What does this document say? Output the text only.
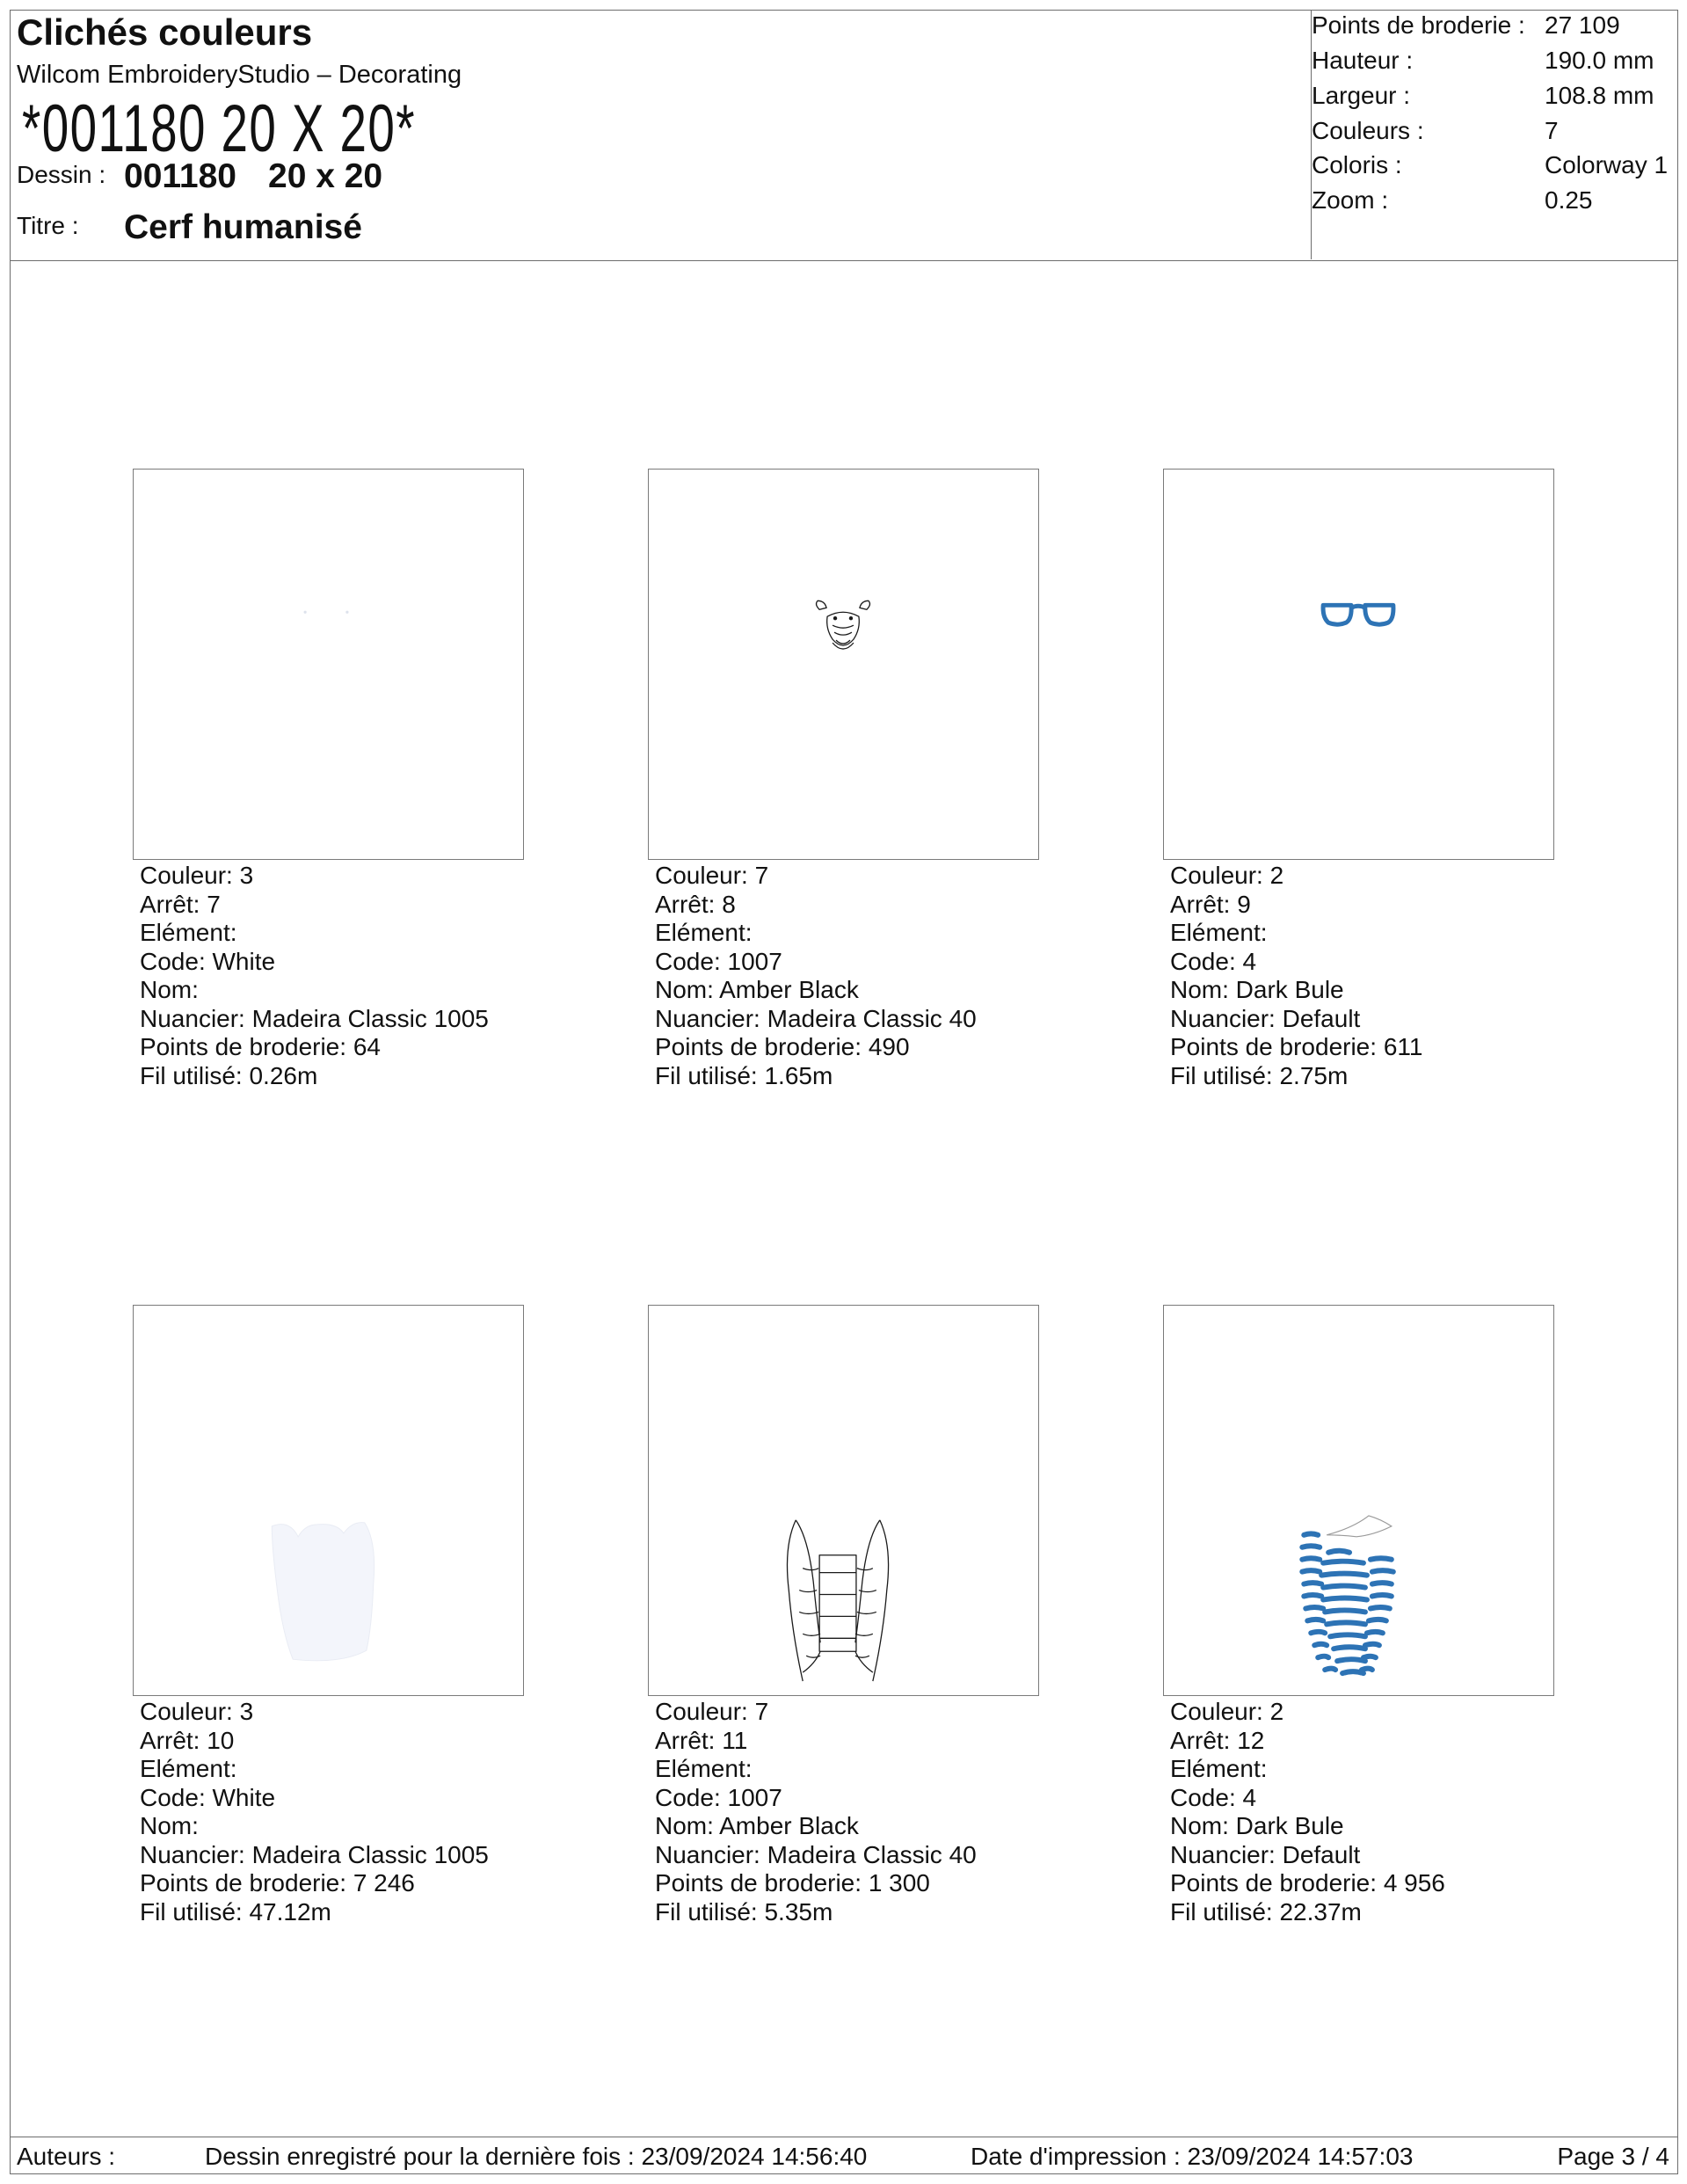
Clichés couleurs
Wilcom EmbroideryStudio – Decorating
*001180 20 X 20*
Dessin : 001180 20 x 20
Titre : Cerf humanisé
Points de broderie : 27 109
Hauteur :	190.0 mm
Largeur :	108.8 mm
Couleurs :	7
Coloris :	Colorway 1
Zoom :	0.25
Couleur: 3
Arrêt: 7
Elément:
Code: White
Nom:
Nuancier: Madeira Classic 1005
Points de broderie: 64
Fil utilisé: 0.26m
Couleur: 7
Arrêt: 8
Elément:
Code: 1007
Nom: Amber Black
Nuancier: Madeira Classic 40
Points de broderie: 490
Fil utilisé: 1.65m
Couleur: 2
Arrêt: 9
Elément:
Code: 4
Nom: Dark Bule
Nuancier: Default
Points de broderie: 611
Fil utilisé: 2.75m
Couleur: 3
Arrêt: 10
Elément:
Code: White
Nom:
Nuancier: Madeira Classic 1005
Points de broderie: 7 246
Fil utilisé: 47.12m
Couleur: 7
Arrêt: 11
Elément:
Code: 1007
Nom: Amber Black
Nuancier: Madeira Classic 40
Points de broderie: 1 300
Fil utilisé: 5.35m
Couleur: 2
Arrêt: 12
Elément:
Code: 4
Nom: Dark Bule
Nuancier: Default
Points de broderie: 4 956
Fil utilisé: 22.37m
Auteurs :	Dessin enregistré pour la dernière fois : 23/09/2024 14:56:40	Date d'impression : 23/09/2024 14:57:03	Page 3 / 4
